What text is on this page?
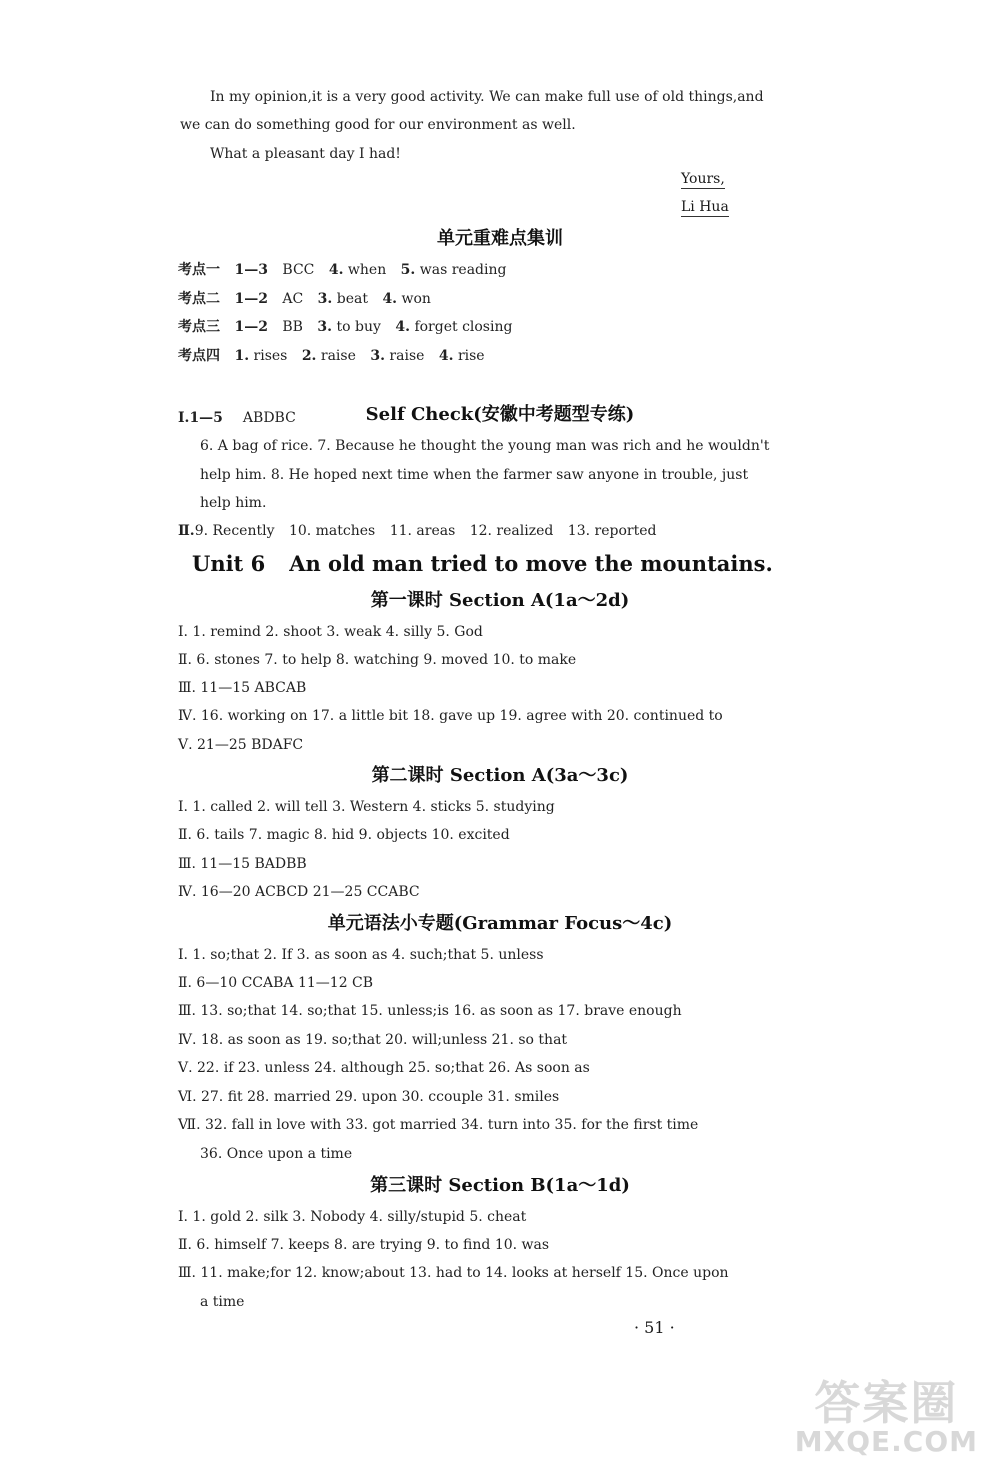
In my opinion,it is a very good activity. We can make full use of old things,and
we can do something good for our environment as well.
What a pleasant day I had!
Yours,
Li Hua
单元重难点集训
考点一 1—3 BCC 4. when 5. was reading
考点二 1—2 AC 3. beat 4. won
考点三 1—2 BB 3. to buy 4. forget closing
考点四 1. rises 2. raise 3. raise 4. rise
Self Check(安徽中考题型专练)
Ⅰ.1—5 ABDBC
6. A bag of rice. 7. Because he thought the young man was rich and he wouldn't
help him. 8. He hoped next time when the farmer saw anyone in trouble, just
help him.
Ⅱ.9. Recently 10. matches 11. areas 12. realized 13. reported
Unit 6 An old man tried to move the mountains.
第一课时 Section A(1a～2d)
Ⅰ. 1. remind 2. shoot 3. weak 4. silly 5. God
Ⅱ. 6. stones 7. to help 8. watching 9. moved 10. to make
Ⅲ. 11—15 ABCAB
Ⅳ. 16. working on 17. a little bit 18. gave up 19. agree with 20. continued to
Ⅴ. 21—25 BDAFC
第二课时 Section A(3a～3c)
Ⅰ. 1. called 2. will tell 3. Western 4. sticks 5. studying
Ⅱ. 6. tails 7. magic 8. hid 9. objects 10. excited
Ⅲ. 11—15 BADBB
Ⅳ. 16—20 ACBCD 21—25 CCABC
单元语法小专题(Grammar Focus～4c)
Ⅰ. 1. so;that 2. If 3. as soon as 4. such;that 5. unless
Ⅱ. 6—10 CCABA 11—12 CB
Ⅲ. 13. so;that 14. so;that 15. unless;is 16. as soon as 17. brave enough
Ⅳ. 18. as soon as 19. so;that 20. will;unless 21. so that
Ⅴ. 22. if 23. unless 24. although 25. so;that 26. As soon as
Ⅵ. 27. fit 28. married 29. upon 30. ccouple 31. smiles
Ⅶ. 32. fall in love with 33. got married 34. turn into 35. for the first time
36. Once upon a time
第三课时 Section B(1a～1d)
Ⅰ. 1. gold 2. silk 3. Nobody 4. silly/stupid 5. cheat
Ⅱ. 6. himself 7. keeps 8. are trying 9. to find 10. was
Ⅲ. 11. make;for 12. know;about 13. had to 14. looks at herself 15. Once upon
a time
· 51 ·
答案圈
MXQE.COM
